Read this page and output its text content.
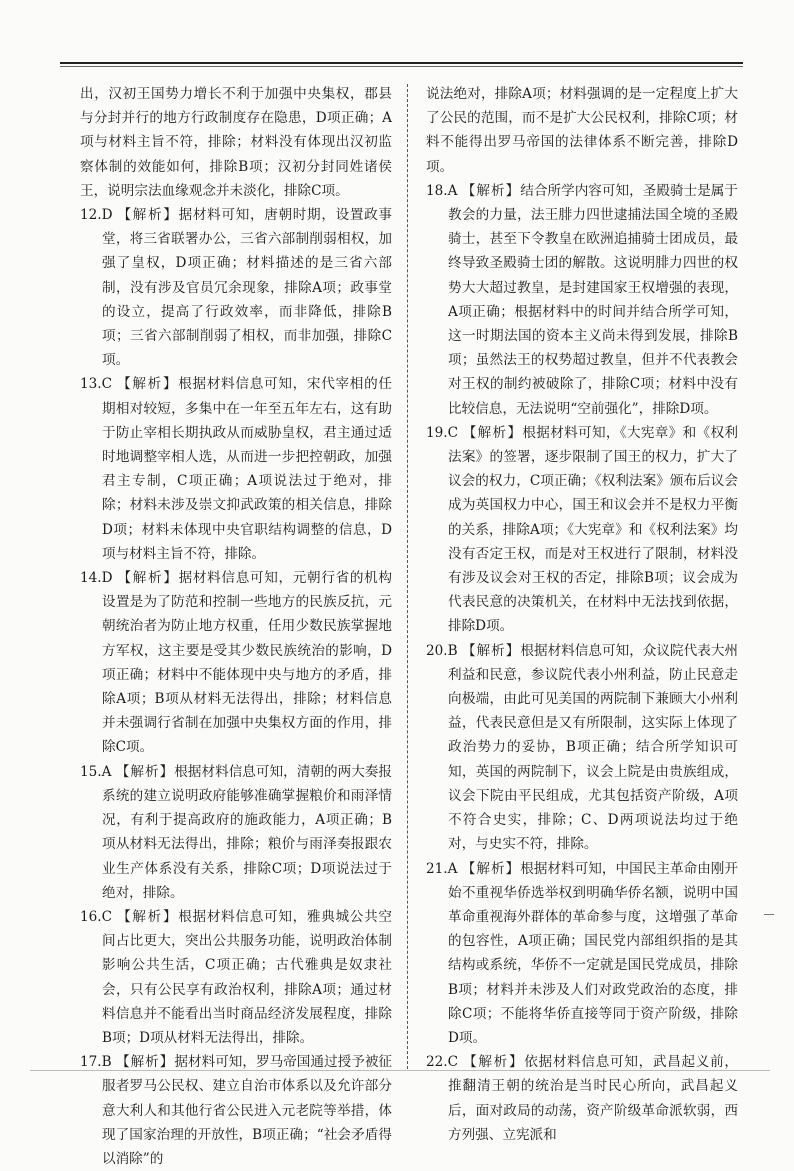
出，汉初王国势力增长不利于加强中央集权，郡县与分封并行的地方行政制度存在隐患，D项正确；A项与材料主旨不符，排除；材料没有体现出汉初监察体制的效能如何，排除B项；汉初分封同姓诸侯王，说明宗法血缘观念并未淡化，排除C项。
12.D 【解析】据材料可知，唐朝时期，设置政事堂，将三省联署办公，三省六部制削弱相权，加强了皇权，D项正确；材料描述的是三省六部制，没有涉及官员冗余现象，排除A项；政事堂的设立，提高了行政效率，而非降低，排除B项；三省六部制削弱了相权，而非加强，排除C项。
13.C 【解析】根据材料信息可知，宋代宰相的任期相对较短，多集中在一年至五年左右，这有助于防止宰相长期执政从而威胁皇权，君主通过适时地调整宰相人选，从而进一步把控朝政，加强君主专制，C项正确；A项说法过于绝对，排除；材料未涉及崇文抑武政策的相关信息，排除D项；材料未体现中央官职结构调整的信息，D项与材料主旨不符，排除。
14.D 【解析】据材料信息可知，元朝行省的机构设置是为了防范和控制一些地方的民族反抗，元朝统治者为防止地方权重，任用少数民族掌握地方军权，这主要是受其少数民族统治的影响，D项正确；材料中不能体现中央与地方的矛盾，排除A项；B项从材料无法得出，排除；材料信息并未强调行省制在加强中央集权方面的作用，排除C项。
15.A 【解析】根据材料信息可知，清朝的两大奏报系统的建立说明政府能够准确掌握粮价和雨泽情况，有利于提高政府的施政能力，A项正确；B项从材料无法得出，排除；粮价与雨泽奏报跟农业生产体系没有关系，排除C项；D项说法过于绝对，排除。
16.C 【解析】根据材料信息可知，雅典城公共空间占比更大，突出公共服务功能，说明政治体制影响公共生活，C项正确；古代雅典是奴隶社会，只有公民享有政治权利，排除A项；通过材料信息并不能看出当时商品经济发展程度，排除B项；D项从材料无法得出，排除。
17.B 【解析】据材料可知，罗马帝国通过授予被征服者罗马公民权、建立自治市体系以及允许部分意大利人和其他行省公民进入元老院等举措，体现了国家治理的开放性，B项正确；“社会矛盾得以消除”的
说法绝对，排除A项；材料强调的是一定程度上扩大了公民的范围，而不是扩大公民权利，排除C项；材料不能得出罗马帝国的法律体系不断完善，排除D项。
18.A 【解析】结合所学内容可知，圣殿骑士是属于教会的力量，法王腓力四世逮捕法国全境的圣殿骑士，甚至下令教皇在欧洲追捕骑士团成员，最终导致圣殿骑士团的解散。这说明腓力四世的权势大大超过教皇，是封建国家王权增强的表现，A项正确；根据材料中的时间并结合所学可知，这一时期法国的资本主义尚未得到发展，排除B项；虽然法王的权势超过教皇，但并不代表教会对王权的制约被破除了，排除C项；材料中没有比较信息，无法说明“空前强化”，排除D项。
19.C 【解析】根据材料可知，《大宪章》和《权利法案》的签署，逐步限制了国王的权力，扩大了议会的权力，C项正确；《权利法案》颁布后议会成为英国权力中心，国王和议会并不是权力平衡的关系，排除A项；《大宪章》和《权利法案》均没有否定王权，而是对王权进行了限制，材料没有涉及议会对王权的否定，排除B项；议会成为代表民意的决策机关，在材料中无法找到依据，排除D项。
20.B 【解析】根据材料信息可知，众议院代表大州利益和民意，参议院代表小州利益，防止民意走向极端，由此可见美国的两院制下兼顾大小州利益，代表民意但是又有所限制，这实际上体现了政治势力的妥协，B项正确；结合所学知识可知，英国的两院制下，议会上院是由贵族组成，议会下院由平民组成，尤其包括资产阶级，A项不符合史实，排除；C、D两项说法均过于绝对，与史实不符，排除。
21.A 【解析】根据材料可知，中国民主革命由刚开始不重视华侨选举权到明确华侨名额，说明中国革命重视海外群体的革命参与度，这增强了革命的包容性，A项正确；国民党内部组织指的是其结构或系统，华侨不一定就是国民党成员，排除B项；材料并未涉及人们对政党政治的态度，排除C项；不能将华侨直接等同于资产阶级，排除D项。
22.C 【解析】依据材料信息可知，武昌起义前，推翻清王朝的统治是当时民心所向，武昌起义后，面对政局的动荡，资产阶级革命派软弱，西方列强、立宪派和
